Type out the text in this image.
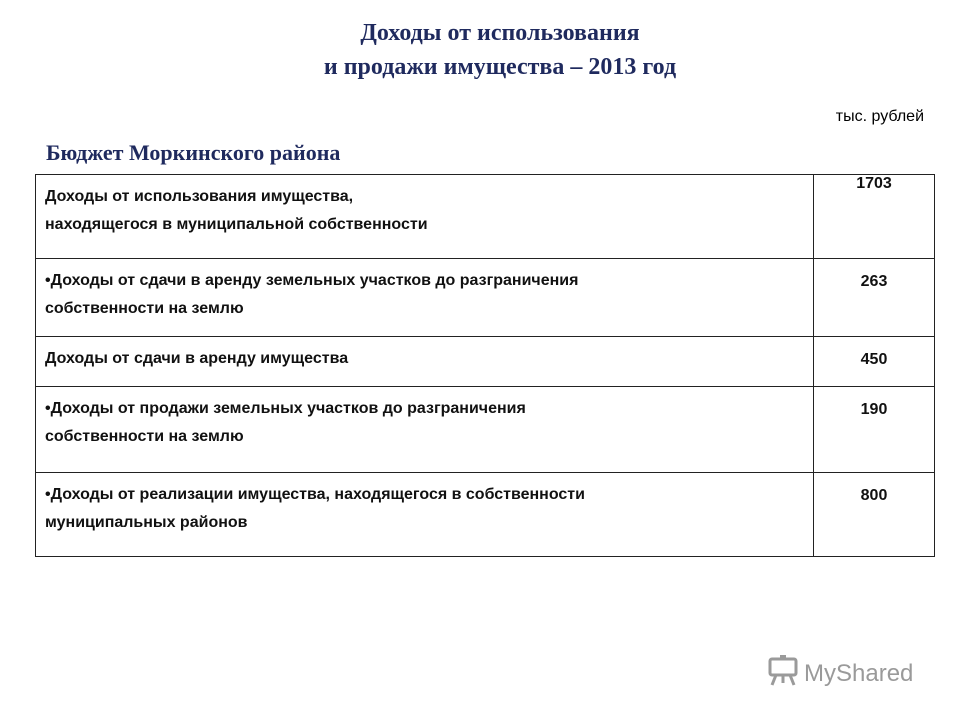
Доходы от использования
и продажи имущества – 2013 год
тыс. рублей
Бюджет Моркинского района
Доходы от использования имущества,
находящегося в муниципальной собственности	1703

•Доходы от сдачи в аренду земельных участков до разграничения
собственности на землю	263

Доходы от сдачи в аренду имущества	450

•Доходы от продажи земельных участков до разграничения
собственности на землю	190

•Доходы от реализации имущества, находящегося в собственности
муниципальных районов	800
MyShared
